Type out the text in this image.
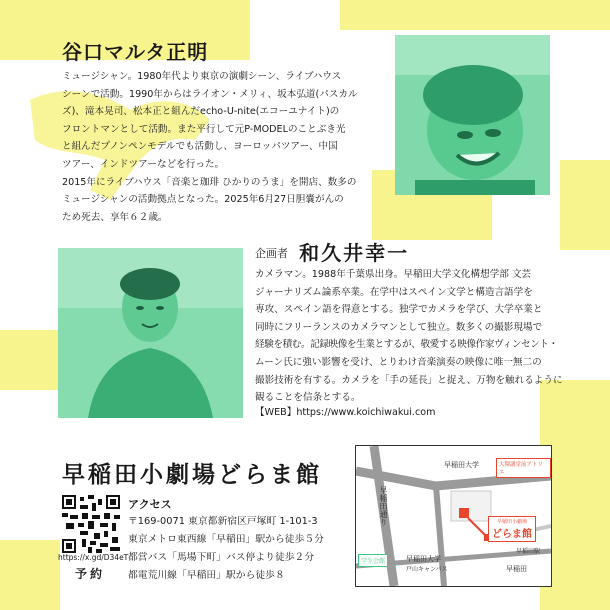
谷口マルタ正明

ミュージシャン。1980年代より東京の演劇シーン、ライブハウス

シーンで活動。1990年からはライオン・メリィ、坂本弘道(パスカル

ズ)、滝本晃司、松本正と組んだecho-U-nite(エコーユナイト)の

フロントマンとして活動。また平行して元P-MODELのことぶき光

と組んだプノンペンモデルでも活動し、ヨーロッパツアー、中国

ツアー、インドツアーなどを行った。

2015年にライブハウス「音楽と珈琲 ひかりのうま」を開店、数多の

ミュージシャンの活動拠点となった。2025年6月27日胆嚢がんの

ため死去、享年６２歳。

企画者 和久井幸一

カメラマン。1988年千葉県出身。早稲田大学文化構想学部 文芸

ジャーナリズム論系卒業。在学中はスペイン文学と構造言語学を

専攻、スペイン語を得意とする。独学でカメラを学び、大学卒業と

同時にフリーランスのカメラマンとして独立。数多くの撮影現場で

経験を積む。記録映像を生業とするが、敬愛する映像作家ヴィンセント・

ムーン氏に強い影響を受け、とりわけ音楽演奏の映像に唯一無二の

撮影技術を有する。カメラを「手の延長」と捉え、万物を触れるように

観ることを信条とする。

【WEB】https://www.koichiwakui.com
早稲田小劇場どらま館
https://x.gd/D34eT
予約
アクセス

〒169-0071 東京都新宿区戸塚町 1-101-3

東京メトロ東西線「早稲田」駅から徒歩５分

都営バス「馬場下町」バス停より徒歩２分

都電荒川線「早稲田」駅から徒歩８

早稲田大学
早稲田通り
大隈講堂前アトリエ
早稲田小劇場
どらま館
学生会館	早稲田大学
戸山キャンパス	早稲田
早稲田駅
